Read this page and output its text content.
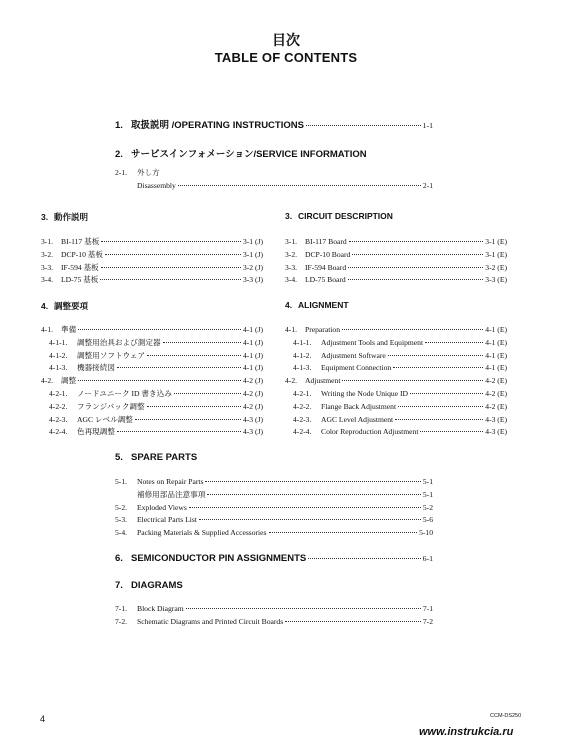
目次
TABLE OF CONTENTS
1. 取扱説明 /OPERATING INSTRUCTIONS	1-1
2. サービスインフォメーション/SERVICE INFORMATION
2-1.	外し方
Disassembly	2-1
3. 動作説明
3-1.	BI-117 基板	3-1 (J)
3-2.	DCP-10 基板	3-1 (J)
3-3.	IF-594 基板	3-2 (J)
3-4.	LD-75 基板	3-3 (J)
3. CIRCUIT DESCRIPTION
3-1.	BI-117 Board	3-1 (E)
3-2.	DCP-10 Board	3-1 (E)
3-3.	IF-594 Board	3-2 (E)
3-4.	LD-75 Board	3-3 (E)
4. 調整要項
4-1.	準備	4-1 (J)
4-1-1.	調整用治具および測定器	4-1 (J)
4-1-2.	調整用ソフトウェア	4-1 (J)
4-1-3.	機器接続図	4-1 (J)
4-2.	調整	4-2 (J)
4-2-1.	ノードユニーク ID 書き込み	4-2 (J)
4-2-2.	フランジバック調整	4-2 (J)
4-2-3.	AGC レベル調整	4-3 (J)
4-2-4.	色再現調整	4-3 (J)
4. ALIGNMENT
4-1.	Preparation	4-1 (E)
4-1-1.	Adjustment Tools and Equipment	4-1 (E)
4-1-2.	Adjustment Software	4-1 (E)
4-1-3.	Equipment Connection	4-1 (E)
4-2.	Adjustment	4-2 (E)
4-2-1.	Writing the Node Unique ID	4-2 (E)
4-2-2.	Flange Back Adjustment	4-2 (E)
4-2-3.	AGC Level Adjustment	4-3 (E)
4-2-4.	Color Reproduction Adjustment	4-3 (E)
5. SPARE PARTS
5-1.	Notes on Repair Parts	5-1
補修用部品注意事項	5-1
5-2.	Exploded Views	5-2
5-3.	Electrical Parts List	5-6
5-4.	Packing Materials & Supplied Accessories	5-10
6. SEMICONDUCTOR PIN ASSIGNMENTS	6-1
7. DIAGRAMS
7-1.	Block Diagram	7-1
7-2.	Schematic Diagrams and Printed Circuit Boards	7-2
4	CCM-DS250
www.instrukcia.ru
